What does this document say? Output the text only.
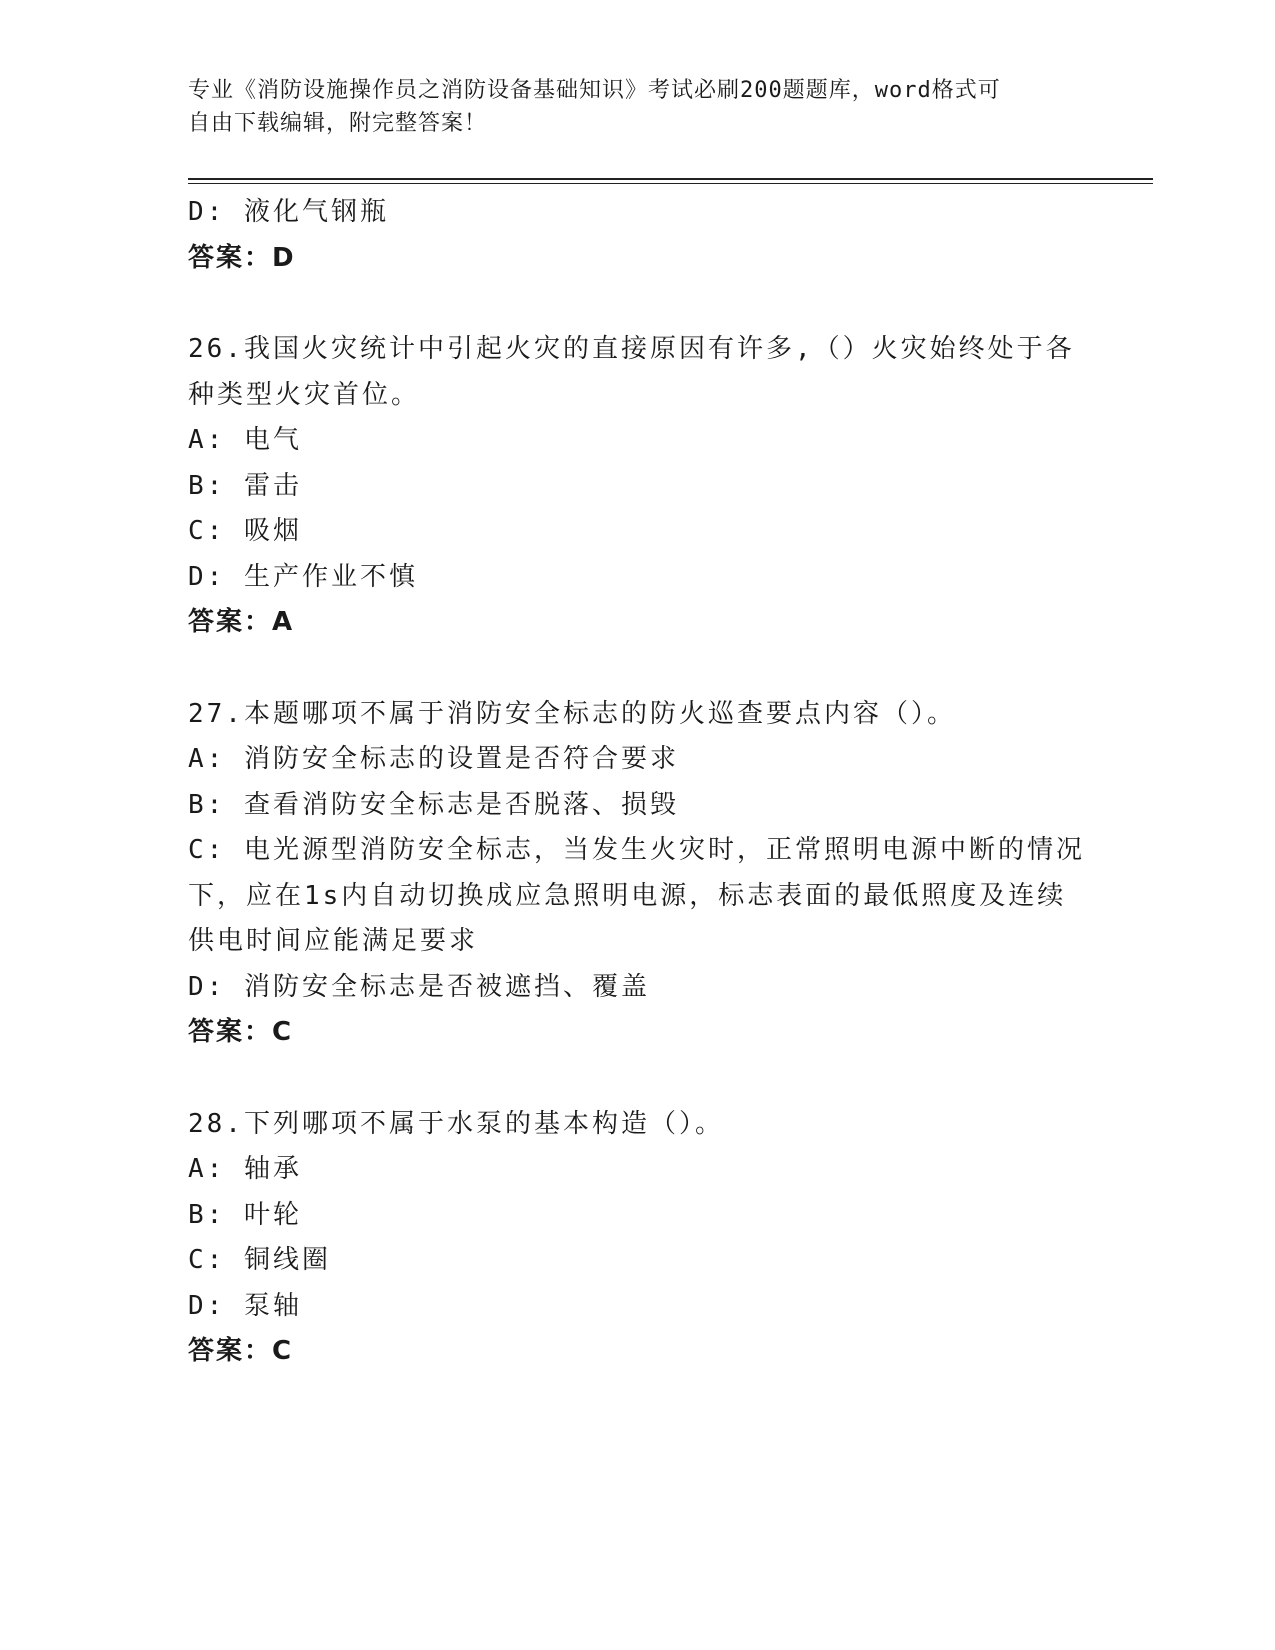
专业《消防设施操作员之消防设备基础知识》考试必刷200题题库，word格式可
自由下载编辑，附完整答案！
D: 液化气钢瓶
答案：D
26.我国火灾统计中引起火灾的直接原因有许多,（）火灾始终处于各
种类型火灾首位。
A: 电气
B: 雷击
C: 吸烟
D: 生产作业不慎
答案：A
27.本题哪项不属于消防安全标志的防火巡查要点内容（）。
A: 消防安全标志的设置是否符合要求
B: 查看消防安全标志是否脱落、损毁
C: 电光源型消防安全标志，当发生火灾时，正常照明电源中断的情况
下，应在1s内自动切换成应急照明电源，标志表面的最低照度及连续
供电时间应能满足要求
D: 消防安全标志是否被遮挡、覆盖
答案：C
28.下列哪项不属于水泵的基本构造（）。
A: 轴承
B: 叶轮
C: 铜线圈
D: 泵轴
答案：C
